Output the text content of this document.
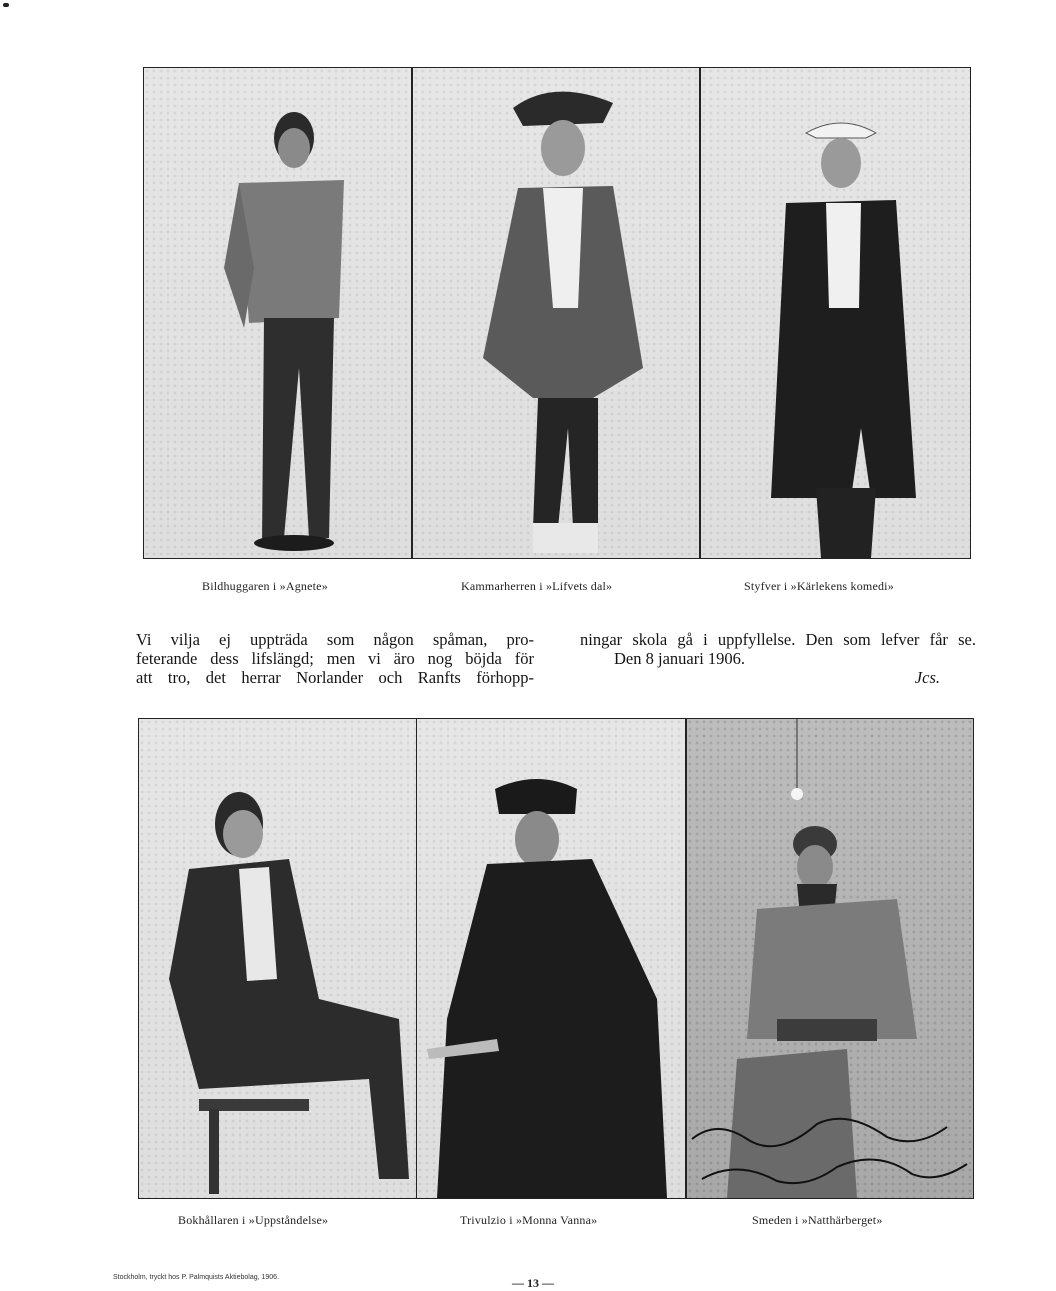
Bildhuggaren i »Agnete»	Kammarherren i »Lifvets dal»	Styfver i »Kärlekens komedi»
Vi vilja ej uppträda som någon spåman, pro-
feterande dess lifslängd; men vi äro nog böjda för
att tro, det herrar Norlander och Ranfts förhopp-
ningar skola gå i uppfyllelse. Den som lefver får se.
Den 8 januari 1906.
Jcs.
Bokhållaren i »Uppståndelse»	Trivulzio i »Monna Vanna»	Smeden i »Natthärberget»
Stockholm, tryckt hos P. Palmquists Aktiebolag, 1906.	— 13 —
